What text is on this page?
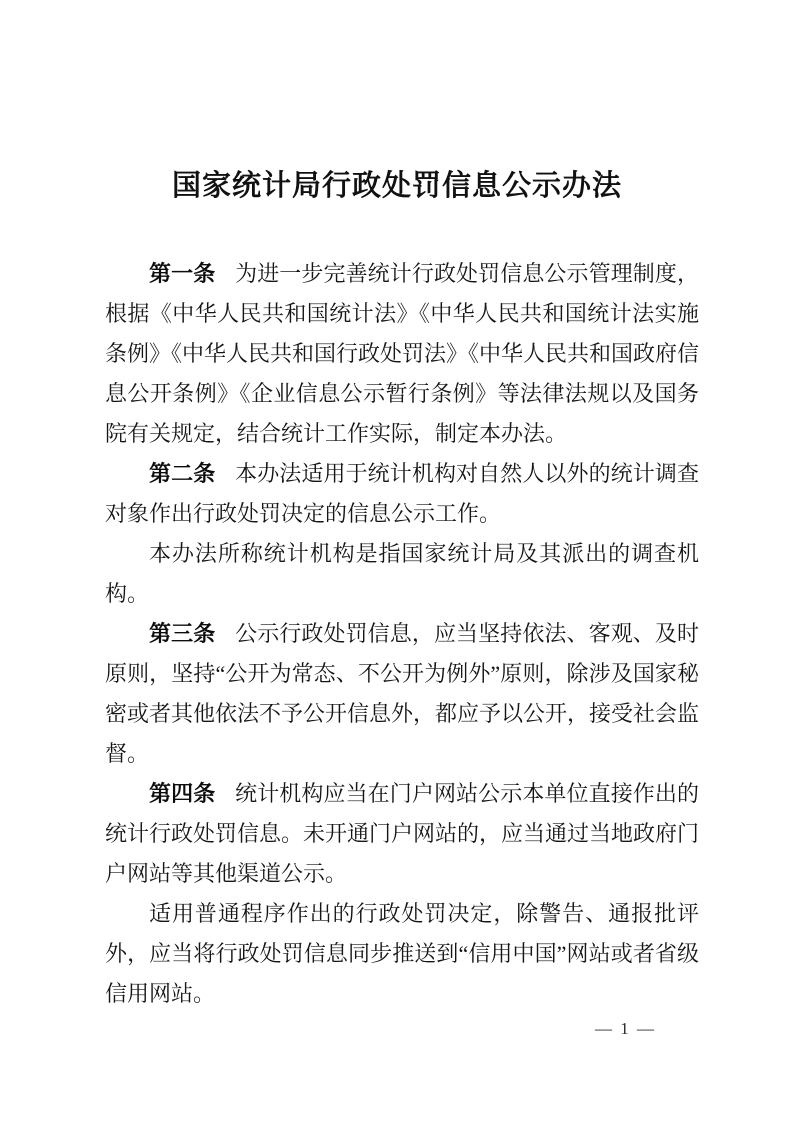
国家统计局行政处罚信息公示办法

第一条 为进一步完善统计行政处罚信息公示管理制度，根据《中华人民共和国统计法》《中华人民共和国统计法实施条例》《中华人民共和国行政处罚法》《中华人民共和国政府信息公开条例》《企业信息公示暂行条例》等法律法规以及国务院有关规定，结合统计工作实际，制定本办法。

第二条 本办法适用于统计机构对自然人以外的统计调查对象作出行政处罚决定的信息公示工作。

本办法所称统计机构是指国家统计局及其派出的调查机构。

第三条 公示行政处罚信息，应当坚持依法、客观、及时原则，坚持“公开为常态、不公开为例外”原则，除涉及国家秘密或者其他依法不予公开信息外，都应予以公开，接受社会监督。

第四条 统计机构应当在门户网站公示本单位直接作出的统计行政处罚信息。未开通门户网站的，应当通过当地政府门户网站等其他渠道公示。

适用普通程序作出的行政处罚决定，除警告、通报批评外，应当将行政处罚信息同步推送到“信用中国”网站或者省级信用网站。

— 1 —
